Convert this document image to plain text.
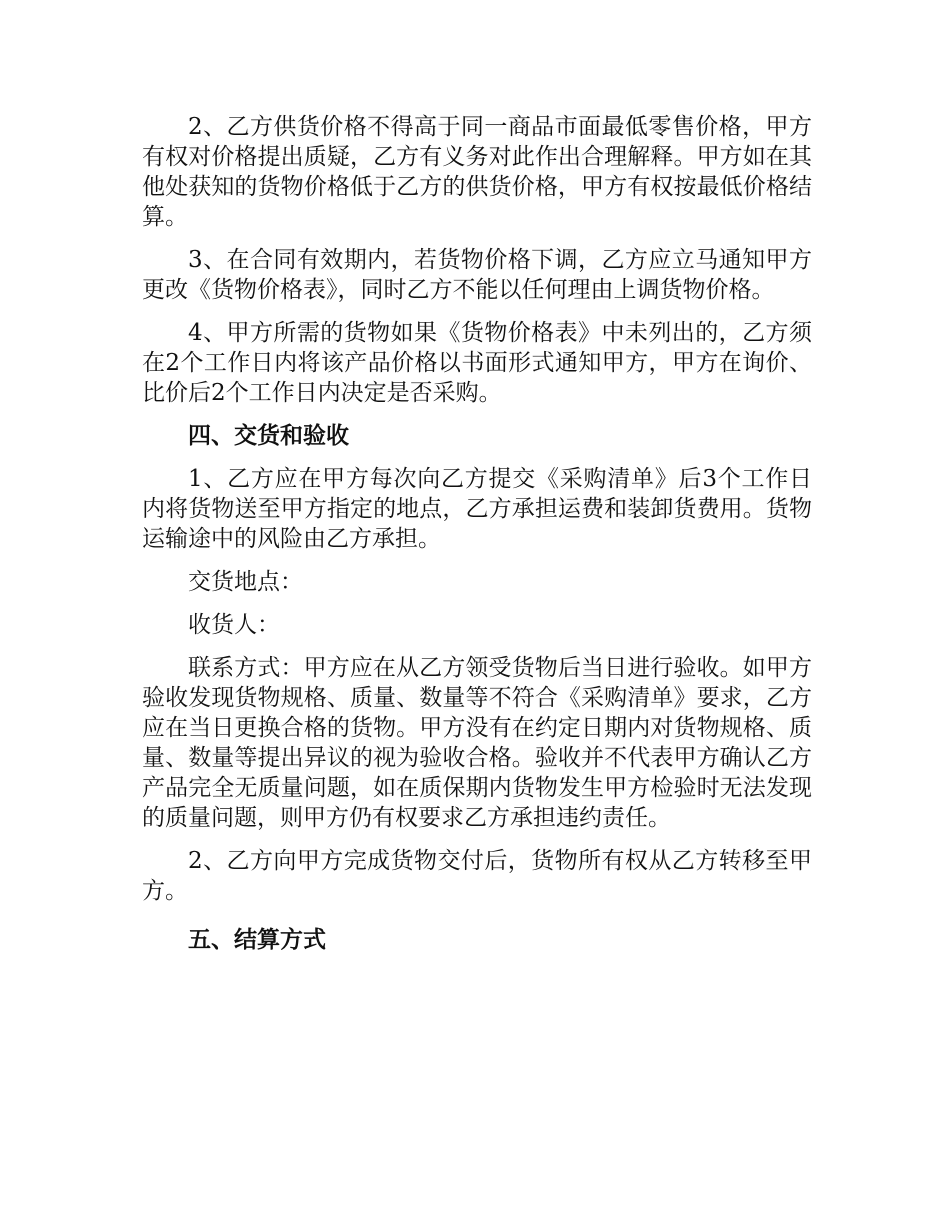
2、乙方供货价格不得高于同一商品市面最低零售价格，甲方有权对价格提出质疑，乙方有义务对此作出合理解释。甲方如在其他处获知的货物价格低于乙方的供货价格，甲方有权按最低价格结算。

3、在合同有效期内，若货物价格下调，乙方应立马通知甲方更改《货物价格表》，同时乙方不能以任何理由上调货物价格。

4、甲方所需的货物如果《货物价格表》中未列出的，乙方须在2个工作日内将该产品价格以书面形式通知甲方，甲方在询价、比价后2个工作日内决定是否采购。

四、交货和验收

1、乙方应在甲方每次向乙方提交《采购清单》后3个工作日内将货物送至甲方指定的地点，乙方承担运费和装卸货费用。货物运输途中的风险由乙方承担。

交货地点：

收货人：

联系方式：甲方应在从乙方领受货物后当日进行验收。如甲方验收发现货物规格、质量、数量等不符合《采购清单》要求，乙方应在当日更换合格的货物。甲方没有在约定日期内对货物规格、质量、数量等提出异议的视为验收合格。验收并不代表甲方确认乙方产品完全无质量问题，如在质保期内货物发生甲方检验时无法发现的质量问题，则甲方仍有权要求乙方承担违约责任。

2、乙方向甲方完成货物交付后，货物所有权从乙方转移至甲方。

五、结算方式
